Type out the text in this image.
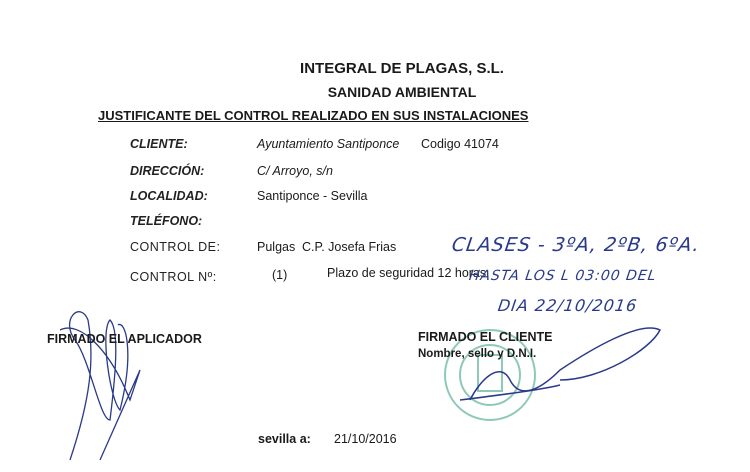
INTEGRAL DE PLAGAS, S.L.
SANIDAD AMBIENTAL
JUSTIFICANTE DEL CONTROL REALIZADO EN SUS INSTALACIONES
CLIENTE:	Ayuntamiento Santiponce Codigo 41074
DIRECCIÓN:	C/ Arroyo, s/n
LOCALIDAD:	Santiponce - Sevilla
TELÉFONO:
CONTROL DE:	Pulgas C.P. Josefa Frias
CONTROL Nº:	(1)	Plazo de seguridad 12 horas
CLASES - 3ºA, 2ºB, 6ºA.
HASTA LOS L 03:00 DEL
DIA 22/10/2016
FIRMADO EL APLICADOR	FIRMADO EL CLIENTE
Nombre, sello y D.N.I.
sevilla a: 21/10/2016
